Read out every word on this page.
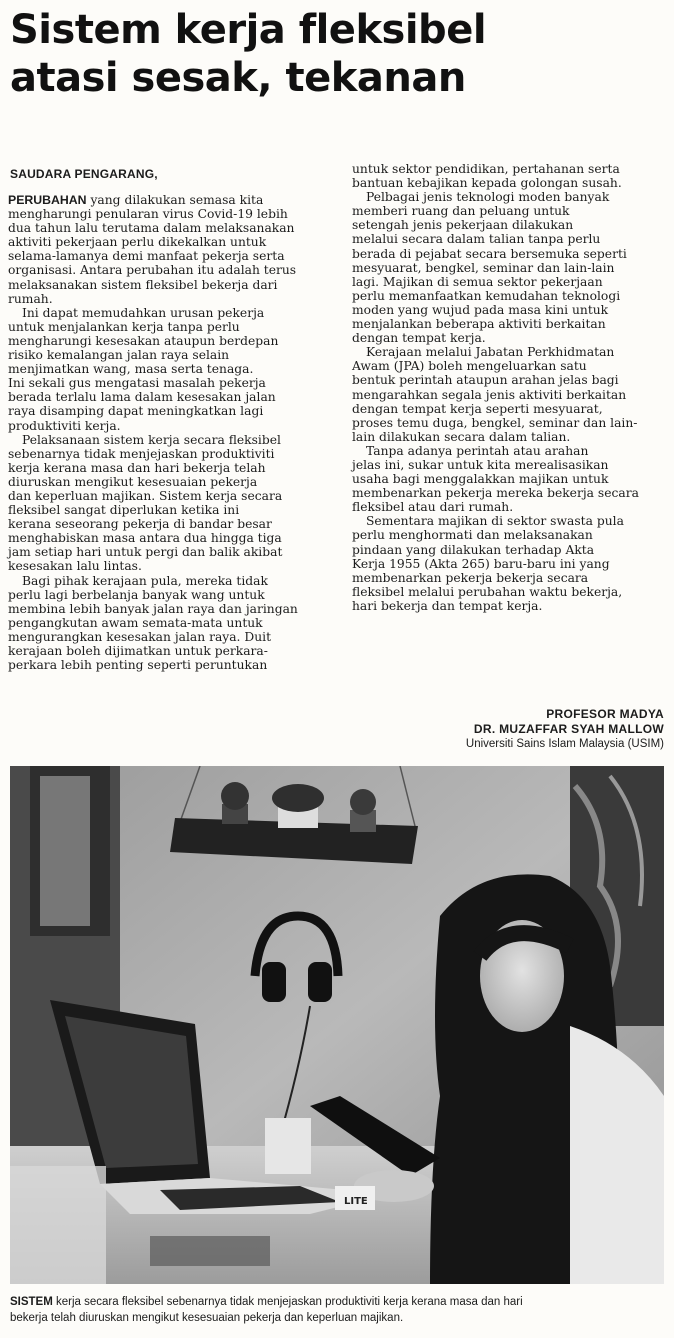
Sistem kerja fleksibel
atasi sesak, tekanan
SAUDARA PENGARANG,

PERUBAHAN yang dilakukan semasa kita

mengharungi penularan virus Covid-19 lebih

dua tahun lalu terutama dalam melaksanakan

aktiviti pekerjaan perlu dikekalkan untuk

selama-lamanya demi manfaat pekerja serta

organisasi. Antara perubahan itu adalah terus

melaksanakan sistem fleksibel bekerja dari

rumah.

Ini dapat memudahkan urusan pekerja

untuk menjalankan kerja tanpa perlu

mengharungi kesesakan ataupun berdepan

risiko kemalangan jalan raya selain

menjimatkan wang, masa serta tenaga.

Ini sekali gus mengatasi masalah pekerja

berada terlalu lama dalam kesesakan jalan

raya disamping dapat meningkatkan lagi

produktiviti kerja.

Pelaksanaan sistem kerja secara fleksibel

sebenarnya tidak menjejaskan produktiviti

kerja kerana masa dan hari bekerja telah

diuruskan mengikut kesesuaian pekerja

dan keperluan majikan. Sistem kerja secara

fleksibel sangat diperlukan ketika ini

kerana seseorang pekerja di bandar besar

menghabiskan masa antara dua hingga tiga

jam setiap hari untuk pergi dan balik akibat

kesesakan lalu lintas.

Bagi pihak kerajaan pula, mereka tidak

perlu lagi berbelanja banyak wang untuk

membina lebih banyak jalan raya dan jaringan

pengangkutan awam semata-mata untuk

mengurangkan kesesakan jalan raya. Duit

kerajaan boleh dijimatkan untuk perkara-

perkara lebih penting seperti peruntukan

untuk sektor pendidikan, pertahanan serta

bantuan kebajikan kepada golongan susah.

Pelbagai jenis teknologi moden banyak

memberi ruang dan peluang untuk

setengah jenis pekerjaan dilakukan

melalui secara dalam talian tanpa perlu

berada di pejabat secara bersemuka seperti

mesyuarat, bengkel, seminar dan lain-lain

lagi. Majikan di semua sektor pekerjaan

perlu memanfaatkan kemudahan teknologi

moden yang wujud pada masa kini untuk

menjalankan beberapa aktiviti berkaitan

dengan tempat kerja.

Kerajaan melalui Jabatan Perkhidmatan

Awam (JPA) boleh mengeluarkan satu

bentuk perintah ataupun arahan jelas bagi

mengarahkan segala jenis aktiviti berkaitan

dengan tempat kerja seperti mesyuarat,

proses temu duga, bengkel, seminar dan lain-

lain dilakukan secara dalam talian.

Tanpa adanya perintah atau arahan

jelas ini, sukar untuk kita merealisasikan

usaha bagi menggalakkan majikan untuk

membenarkan pekerja mereka bekerja secara

fleksibel atau dari rumah.

Sementara majikan di sektor swasta pula

perlu menghormati dan melaksanakan

pindaan yang dilakukan terhadap Akta

Kerja 1955 (Akta 265) baru-baru ini yang

membenarkan pekerja bekerja secara

fleksibel melalui perubahan waktu bekerja,

hari bekerja dan tempat kerja.

PROFESOR MADYA
DR. MUZAFFAR SYAH MALLOW
Universiti Sains Islam Malaysia (USIM)
LITE
SISTEM kerja secara fleksibel sebenarnya tidak menjejaskan produktiviti kerja kerana masa dan hari
bekerja telah diuruskan mengikut kesesuaian pekerja dan keperluan majikan.
